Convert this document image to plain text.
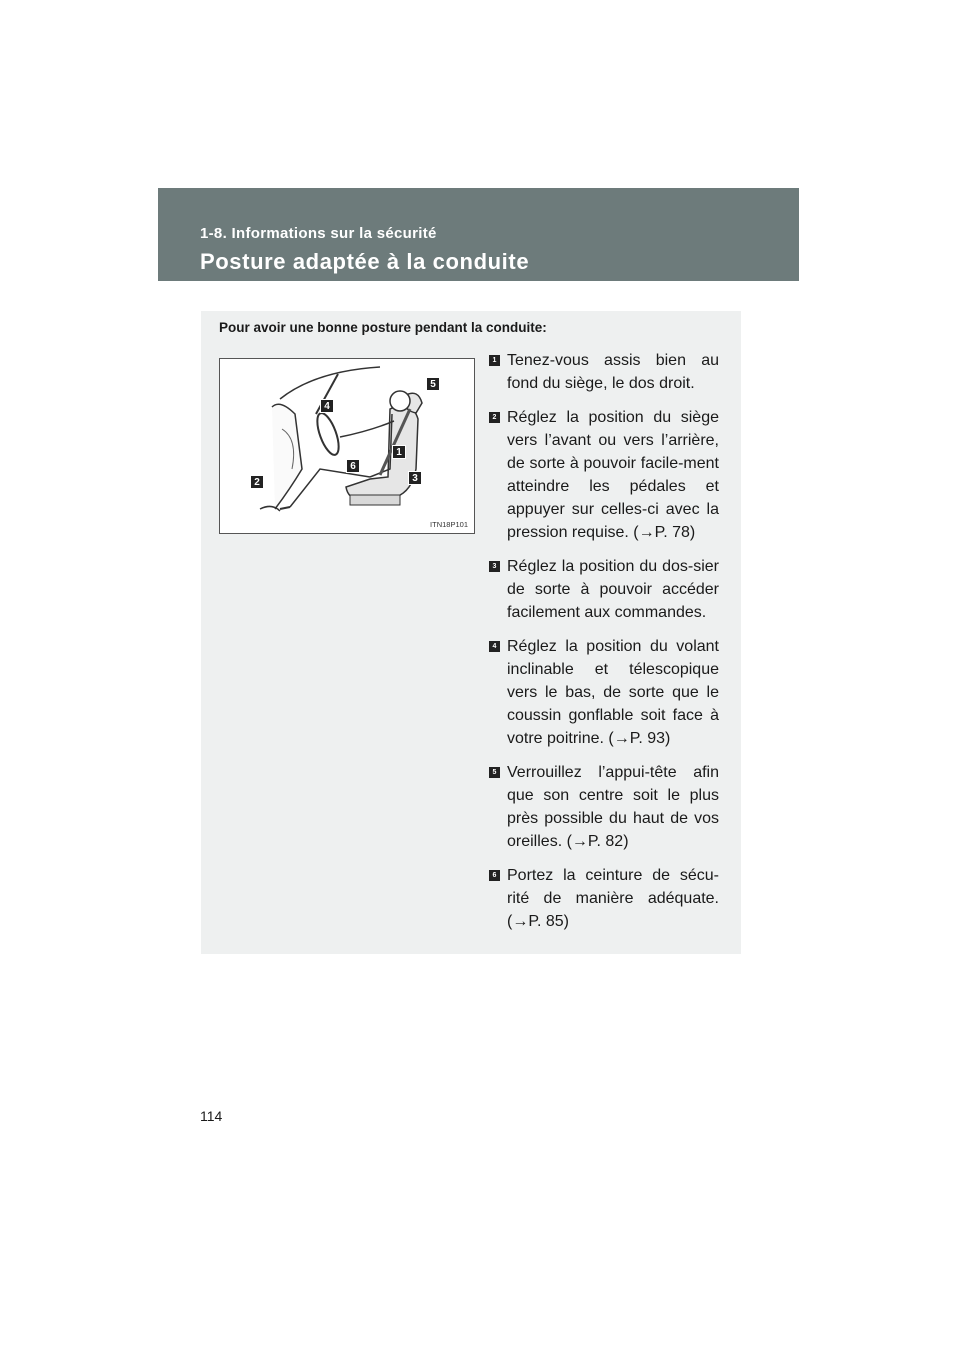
1-8. Informations sur la sécurité
Posture adaptée à la conduite
Pour avoir une bonne posture pendant la conduite:
5
4
1
6
3
2
ITN18P101
1 Tenez-vous assis bien au fond du siège, le dos droit.
2 Réglez la position du siège vers l’avant ou vers l’arrière, de sorte à pouvoir facile-ment atteindre les pédales et appuyer sur celles-ci avec la pression requise. (→P. 78)
3 Réglez la position du dos-sier de sorte à pouvoir accéder facilement aux commandes.
4 Réglez la position du volant inclinable et télescopique vers le bas, de sorte que le coussin gonflable soit face à votre poitrine. (→P. 93)
5 Verrouillez l’appui-tête afin que son centre soit le plus près possible du haut de vos oreilles. (→P. 82)
6 Portez la ceinture de sécu-rité de manière adéquate. (→P. 85)
114
